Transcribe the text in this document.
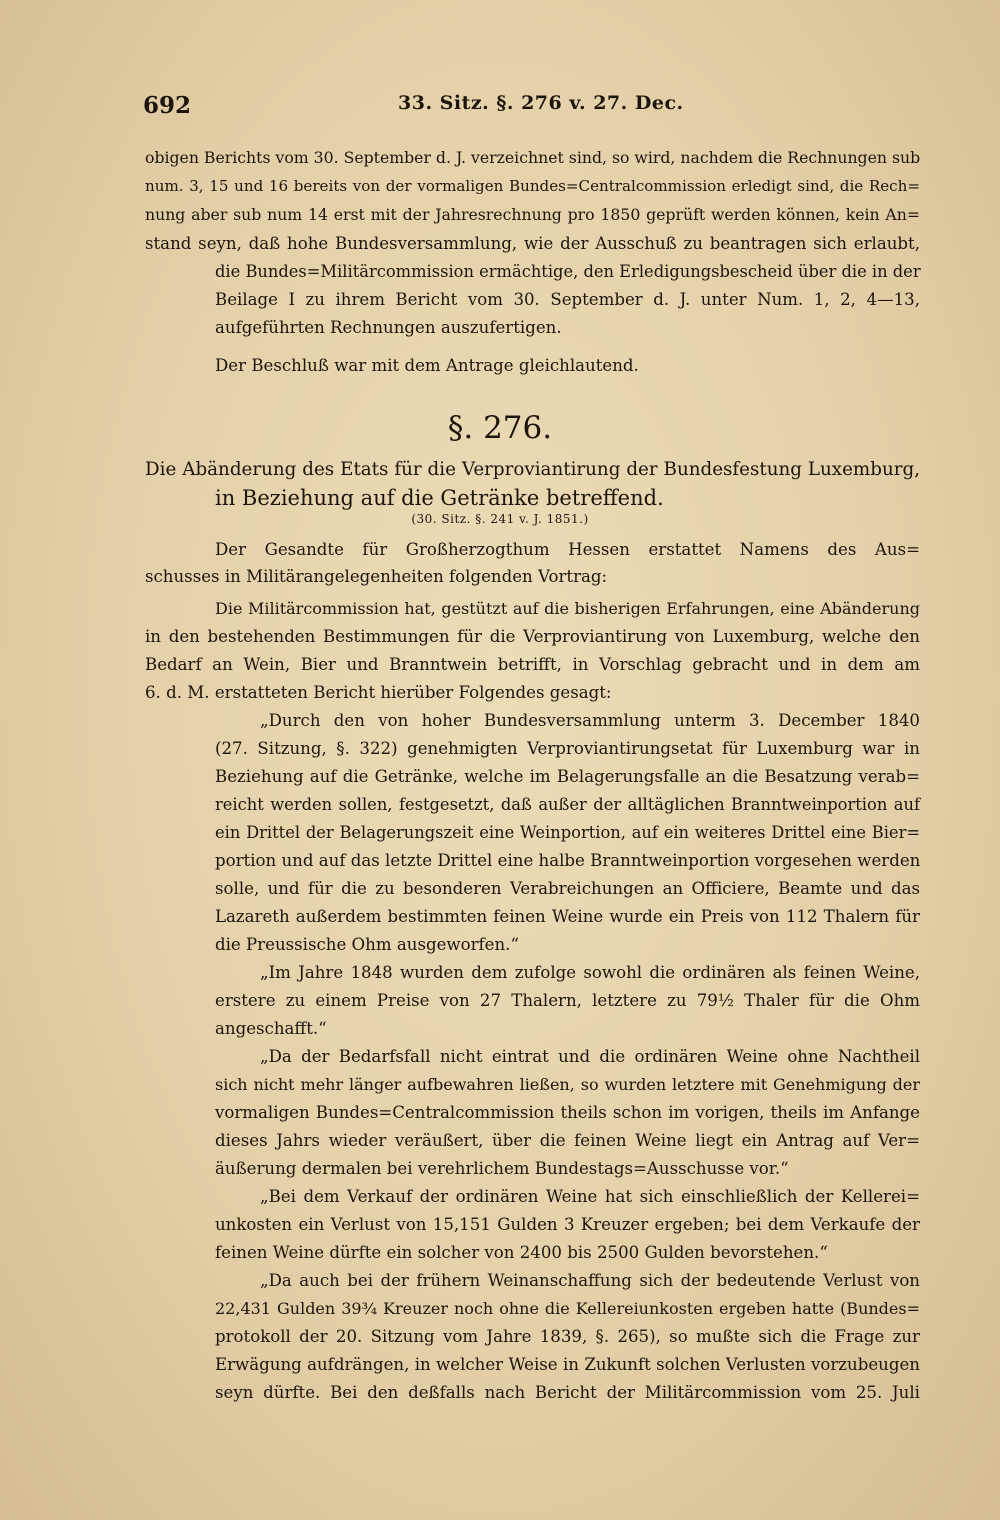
692	33. Sitz. §. 276 v. 27. Dec.
obigen Berichts vom 30. September d. J. verzeichnet sind, so wird, nachdem die Rechnungen sub
num. 3, 15 und 16 bereits von der vormaligen Bundes=Centralcommission erledigt sind, die Rech=
nung aber sub num 14 erst mit der Jahresrechnung pro 1850 geprüft werden können, kein An=
stand seyn, daß hohe Bundesversammlung, wie der Ausschuß zu beantragen sich erlaubt,
die Bundes=Militärcommission ermächtige, den Erledigungsbescheid über die in der
Beilage I zu ihrem Bericht vom 30. September d. J. unter Num. 1, 2, 4—13,
aufgeführten Rechnungen auszufertigen.
Der Beschluß war mit dem Antrage gleichlautend.
§. 276.
Die Abänderung des Etats für die Verproviantirung der Bundesfestung Luxemburg,
in Beziehung auf die Getränke betreffend.
(30. Sitz. §. 241 v. J. 1851.)
Der Gesandte für Großherzogthum Hessen erstattet Namens des Aus=
schusses in Militärangelegenheiten folgenden Vortrag:
Die Militärcommission hat, gestützt auf die bisherigen Erfahrungen, eine Abänderung
in den bestehenden Bestimmungen für die Verproviantirung von Luxemburg, welche den
Bedarf an Wein, Bier und Branntwein betrifft, in Vorschlag gebracht und in dem am
6. d. M. erstatteten Bericht hierüber Folgendes gesagt:
„Durch den von hoher Bundesversammlung unterm 3. December 1840
(27. Sitzung, §. 322) genehmigten Verproviantirungsetat für Luxemburg war in
Beziehung auf die Getränke, welche im Belagerungsfalle an die Besatzung verab=
reicht werden sollen, festgesetzt, daß außer der alltäglichen Branntweinportion auf
ein Drittel der Belagerungszeit eine Weinportion, auf ein weiteres Drittel eine Bier=
portion und auf das letzte Drittel eine halbe Branntweinportion vorgesehen werden
solle, und für die zu besonderen Verabreichungen an Officiere, Beamte und das
Lazareth außerdem bestimmten feinen Weine wurde ein Preis von 112 Thalern für
die Preussische Ohm ausgeworfen.“
„Im Jahre 1848 wurden dem zufolge sowohl die ordinären als feinen Weine,
erstere zu einem Preise von 27 Thalern, letztere zu 79½ Thaler für die Ohm
angeschafft.“
„Da der Bedarfsfall nicht eintrat und die ordinären Weine ohne Nachtheil
sich nicht mehr länger aufbewahren ließen, so wurden letztere mit Genehmigung der
vormaligen Bundes=Centralcommission theils schon im vorigen, theils im Anfange
dieses Jahrs wieder veräußert, über die feinen Weine liegt ein Antrag auf Ver=
äußerung dermalen bei verehrlichem Bundestags=Ausschusse vor.“
„Bei dem Verkauf der ordinären Weine hat sich einschließlich der Kellerei=
unkosten ein Verlust von 15,151 Gulden 3 Kreuzer ergeben; bei dem Verkaufe der
feinen Weine dürfte ein solcher von 2400 bis 2500 Gulden bevorstehen.“
„Da auch bei der frühern Weinanschaffung sich der bedeutende Verlust von
22,431 Gulden 39¾ Kreuzer noch ohne die Kellereiunkosten ergeben hatte (Bundes=
protokoll der 20. Sitzung vom Jahre 1839, §. 265), so mußte sich die Frage zur
Erwägung aufdrängen, in welcher Weise in Zukunft solchen Verlusten vorzubeugen
seyn dürfte. Bei den deßfalls nach Bericht der Militärcommission vom 25. Juli
